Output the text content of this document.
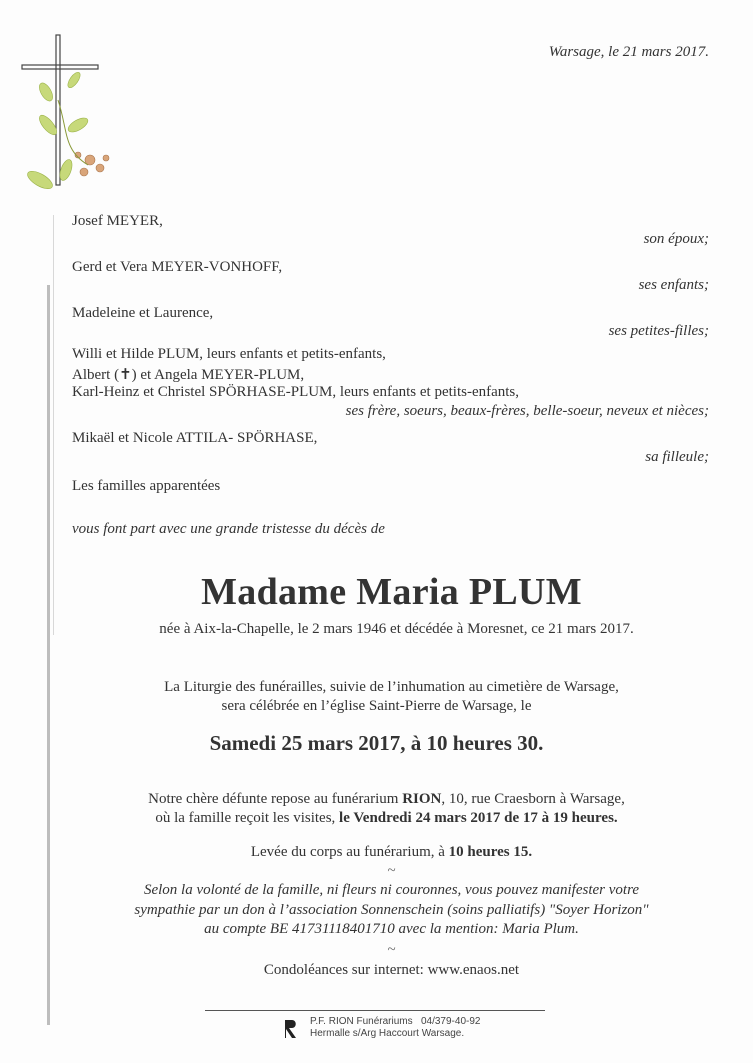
Warsage, le 21 mars 2017.
Josef MEYER,
son époux;
Gerd et Vera MEYER-VONHOFF,
ses enfants;
Madeleine et Laurence,
ses petites-filles;
Willi et Hilde PLUM, leurs enfants et petits-enfants,
Albert (✝) et Angela MEYER-PLUM,
Karl-Heinz et Christel SPÖRHASE-PLUM, leurs enfants et petits-enfants,
ses frère, soeurs, beaux-frères, belle-soeur, neveux et nièces;
Mikaël et Nicole ATTILA- SPÖRHASE,
sa filleule;
Les familles apparentées
vous font part avec une grande tristesse du décès de
Madame Maria PLUM
née à Aix-la-Chapelle, le 2 mars 1946 et décédée à Moresnet, ce 21 mars 2017.
La Liturgie des funérailles, suivie de l’inhumation au cimetière de Warsage,
sera célébrée en l’église Saint-Pierre de Warsage, le
Samedi 25 mars 2017, à 10 heures 30.
Notre chère défunte repose au funérarium RION, 10, rue Craesborn à Warsage,
où la famille reçoit les visites, le Vendredi 24 mars 2017 de 17 à 19 heures.
Levée du corps au funérarium, à 10 heures 15.
~
Selon la volonté de la famille, ni fleurs ni couronnes, vous pouvez manifester votre
sympathie par un don à l’association Sonnenschein (soins palliatifs) "Soyer Horizon"
au compte BE 41731118401710 avec la mention: Maria Plum.
~
Condoléances sur internet: www.enaos.net
P.F. RION Funérariums 04/379-40-92
Hermalle s/Arg Haccourt Warsage.
